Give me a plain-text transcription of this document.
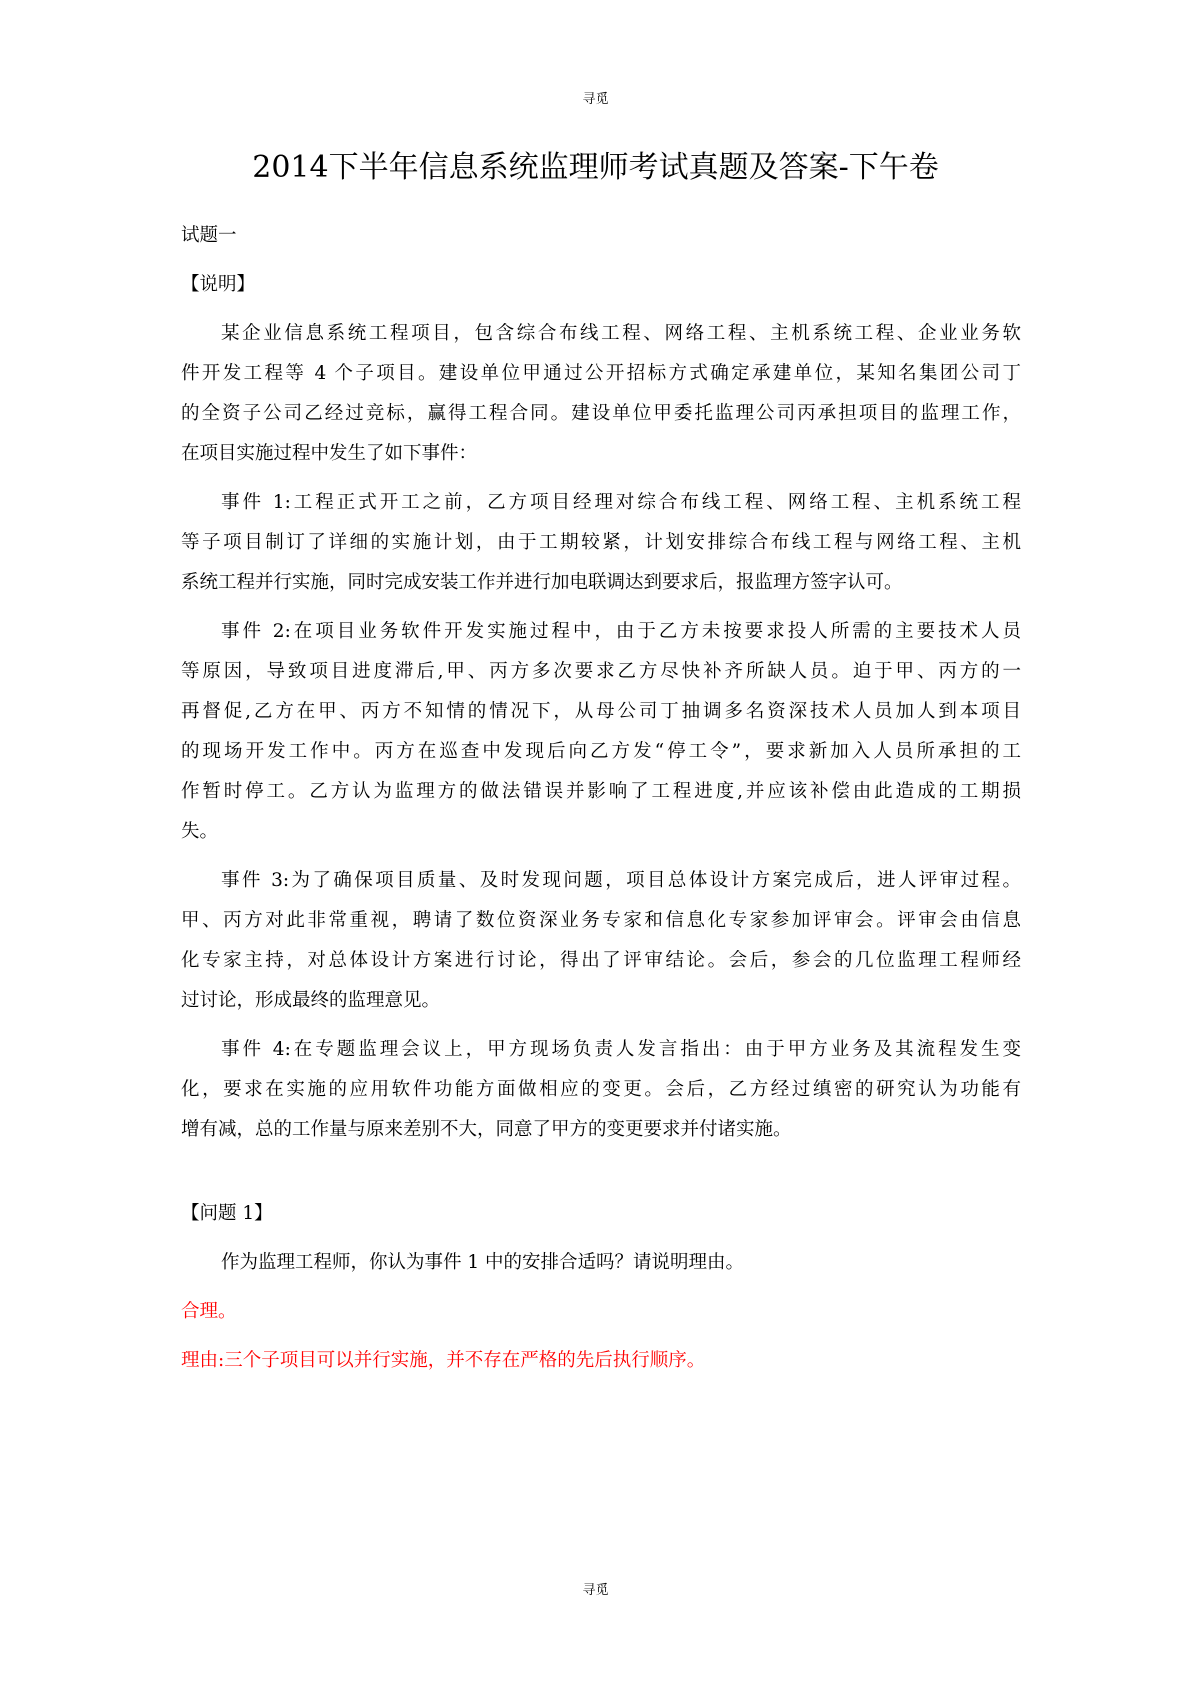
寻觅
2014下半年信息系统监理师考试真题及答案-下午卷
试题一
【说明】
某企业信息系统工程项目，包含综合布线工程、网络工程、主机系统工程、企业业务软
件开发工程等 4 个子项目。建设单位甲通过公开招标方式确定承建单位，某知名集团公司丁
的全资子公司乙经过竞标，赢得工程合同。建设单位甲委托监理公司丙承担项目的监理工作，
在项目实施过程中发生了如下事件：
事件 1:工程正式开工之前，乙方项目经理对综合布线工程、网络工程、主机系统工程
等子项目制订了详细的实施计划，由于工期较紧，计划安排综合布线工程与网络工程、主机
系统工程并行实施，同时完成安装工作并进行加电联调达到要求后，报监理方签字认可。
事件 2:在项目业务软件开发实施过程中，由于乙方未按要求投人所需的主要技术人员
等原因，导致项目进度滞后,甲、丙方多次要求乙方尽快补齐所缺人员。迫于甲、丙方的一
再督促,乙方在甲、丙方不知情的情况下，从母公司丁抽调多名资深技术人员加人到本项目
的现场开发工作中。丙方在巡查中发现后向乙方发“停工令”，要求新加入人员所承担的工
作暂时停工。乙方认为监理方的做法错误并影响了工程进度,并应该补偿由此造成的工期损
失。
事件 3:为了确保项目质量、及时发现问题，项目总体设计方案完成后，进人评审过程。
甲、丙方对此非常重视，聘请了数位资深业务专家和信息化专家参加评审会。评审会由信息
化专家主持，对总体设计方案进行讨论，得出了评审结论。会后，参会的几位监理工程师经
过讨论，形成最终的监理意见。
事件 4:在专题监理会议上，甲方现场负责人发言指出：由于甲方业务及其流程发生变
化，要求在实施的应用软件功能方面做相应的变更。会后，乙方经过缜密的研究认为功能有
增有减，总的工作量与原来差别不大，同意了甲方的变更要求并付诸实施。
【问题 1】
作为监理工程师，你认为事件 1 中的安排合适吗？请说明理由。
合理。
理由:三个子项目可以并行实施，并不存在严格的先后执行顺序。
寻觅
